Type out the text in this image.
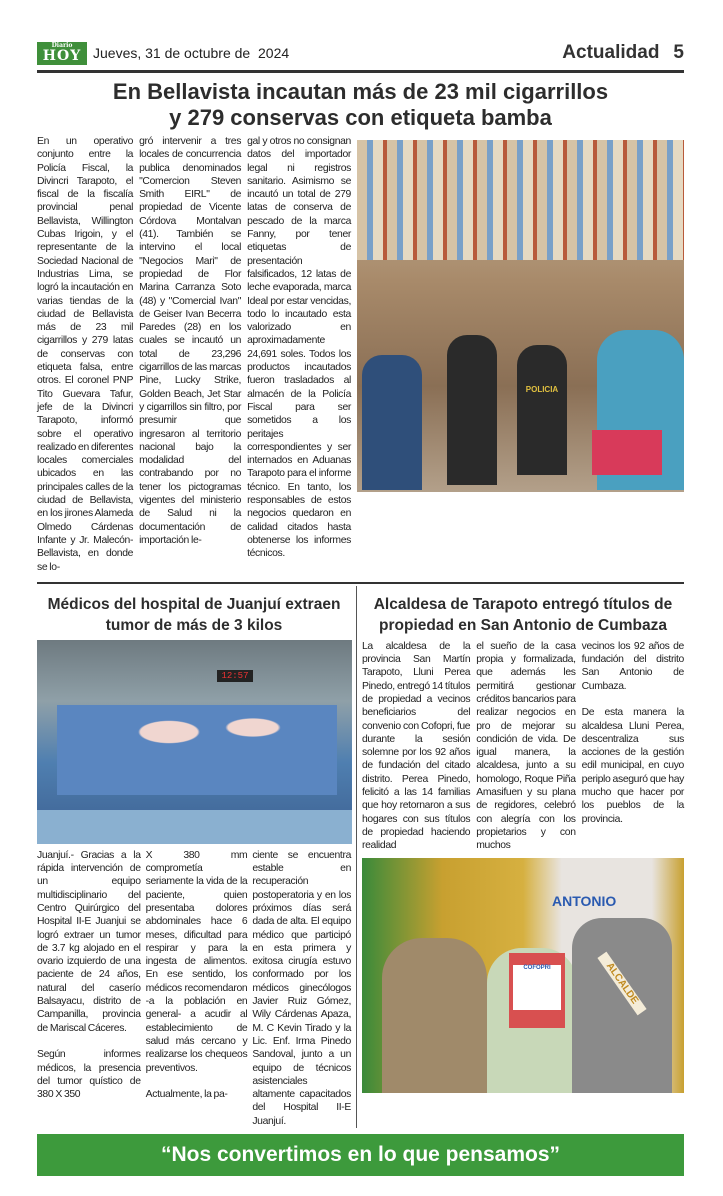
Diario
HOY Jueves, 31 de octubre de  2024	Actualidad 5
En Bellavista incautan más de 23 mil cigarrillos y 279 conservas con etiqueta bamba
En un operativo conjunto entre la Policía Fiscal, la Divincri Tarapoto, el fiscal de la fiscalía provincial penal Bellavista, Willington Cubas Irigoin, y el representante de la Sociedad Nacional de Industrias Lima, se logró la incautación en varias tiendas de la ciudad de Bellavista más de 23 mil cigarrillos y 279 latas de conservas con etiqueta falsa, entre otros. El coronel PNP Tito Guevara Tafur, jefe de la Divincri Tarapoto, informó sobre el operativo realizado en diferentes locales comerciales ubicados en las principales calles de la ciudad de Bellavista, en los jirones Alameda Olmedo Cárdenas Infante y Jr. Malecón-Bellavista, en donde se lo-
gró intervenir a tres locales de concurrencia publica denominados "Comercion Steven Smith EIRL" de propiedad de Vicente Córdova Montalvan (41). También se intervino el local "Negocios Mari" de propiedad de Flor Marina Carranza Soto (48) y "Comercial Ivan" de Geiser Ivan Becerra Paredes (28) en los cuales se incautó un total de 23,296 cigarrillos de las marcas Pine, Lucky Strike, Golden Beach, Jet Star y cigarrillos sin filtro, por presumir que ingresaron al territorio nacional bajo la modalidad del contrabando por no tener los pictogramas vigentes del ministerio de Salud ni la documentación de importación le-
gal y otros no consignan datos del importador legal ni registros sanitario. Asimismo se incautó un total de 279 latas de conserva de pescado de la marca Fanny, por tener etiquetas de presentación falsificados, 12 latas de leche evaporada, marca Ideal por estar vencidas, todo lo incautado esta valorizado en aproximadamente 24,691 soles. Todos los productos incautados fueron trasladados al almacén de la Policía Fiscal para ser sometidos a los peritajes correspondientes y ser internados en Aduanas Tarapoto para el informe técnico. En tanto, los responsables de estos negocios quedaron en calidad citados hasta obtenerse los informes técnicos.
POLICIA
Médicos del hospital de Juanjuí extraen tumor de más de 3 kilos
12:57
Juanjuí.- Gracias a la rápida intervención de un equipo multidisciplinario del Centro Quirúrgico del Hospital II-E Juanjui se logró extraer un tumor de 3.7 kg alojado en el ovario izquierdo de una paciente de 24 años, natural del caserío Balsayacu, distrito de Campanilla, provincia de Mariscal Cáceres.

Según informes médicos, la presencia del tumor quístico de 380 X 350
X 380 mm comprometía seriamente la vida de la paciente, quien presentaba dolores abdominales hace 6 meses, dificultad para respirar y para la ingesta de alimentos. En ese sentido, los médicos recomendaron -a la población en general- a acudir al establecimiento de salud más cercano y realizarse los chequeos preventivos.

Actualmente, la pa-
ciente se encuentra estable en recuperación postoperatoria y en los próximos días será dada de alta. El equipo médico que participó en esta primera y exitosa cirugía estuvo conformado por los médicos ginecólogos Javier Ruiz Gómez, Wily Cárdenas Apaza, M. C Kevin Tirado y la Lic. Enf. Irma Pinedo Sandoval, junto a un equipo de técnicos asistenciales altamente capacitados del Hospital II-E Juanjuí.
Alcaldesa de Tarapoto entregó títulos de propiedad en San Antonio de Cumbaza
La alcaldesa de la provincia San Martín Tarapoto, Lluni Perea Pinedo, entregó 14 títulos de propiedad a vecinos beneficiarios del convenio con Cofopri, fue durante la sesión solemne por los 92 años de fundación del citado distrito. Perea Pinedo, felicitó a las 14 familias que hoy retornaron a sus hogares con sus títulos de propiedad haciendo realidad
el sueño de la casa propia y formalizada, que además les permitirá gestionar créditos bancarios para realizar negocios en pro de mejorar su condición de vida. De igual manera, la alcaldesa, junto a su homologo, Roque Piña Amasifuen y su plana de regidores, celebró con alegría con los propietarios y con muchos
vecinos los 92 años de fundación del distrito San Antonio de Cumbaza.

De esta manera la alcaldesa Lluni Perea, descentraliza sus acciones de la gestión edil municipal, en cuyo periplo aseguró que hay mucho que hacer por los pueblos de la provincia.
ANTONIO
COFOPRI	ALCALDE
“Nos convertimos en lo que pensamos”
